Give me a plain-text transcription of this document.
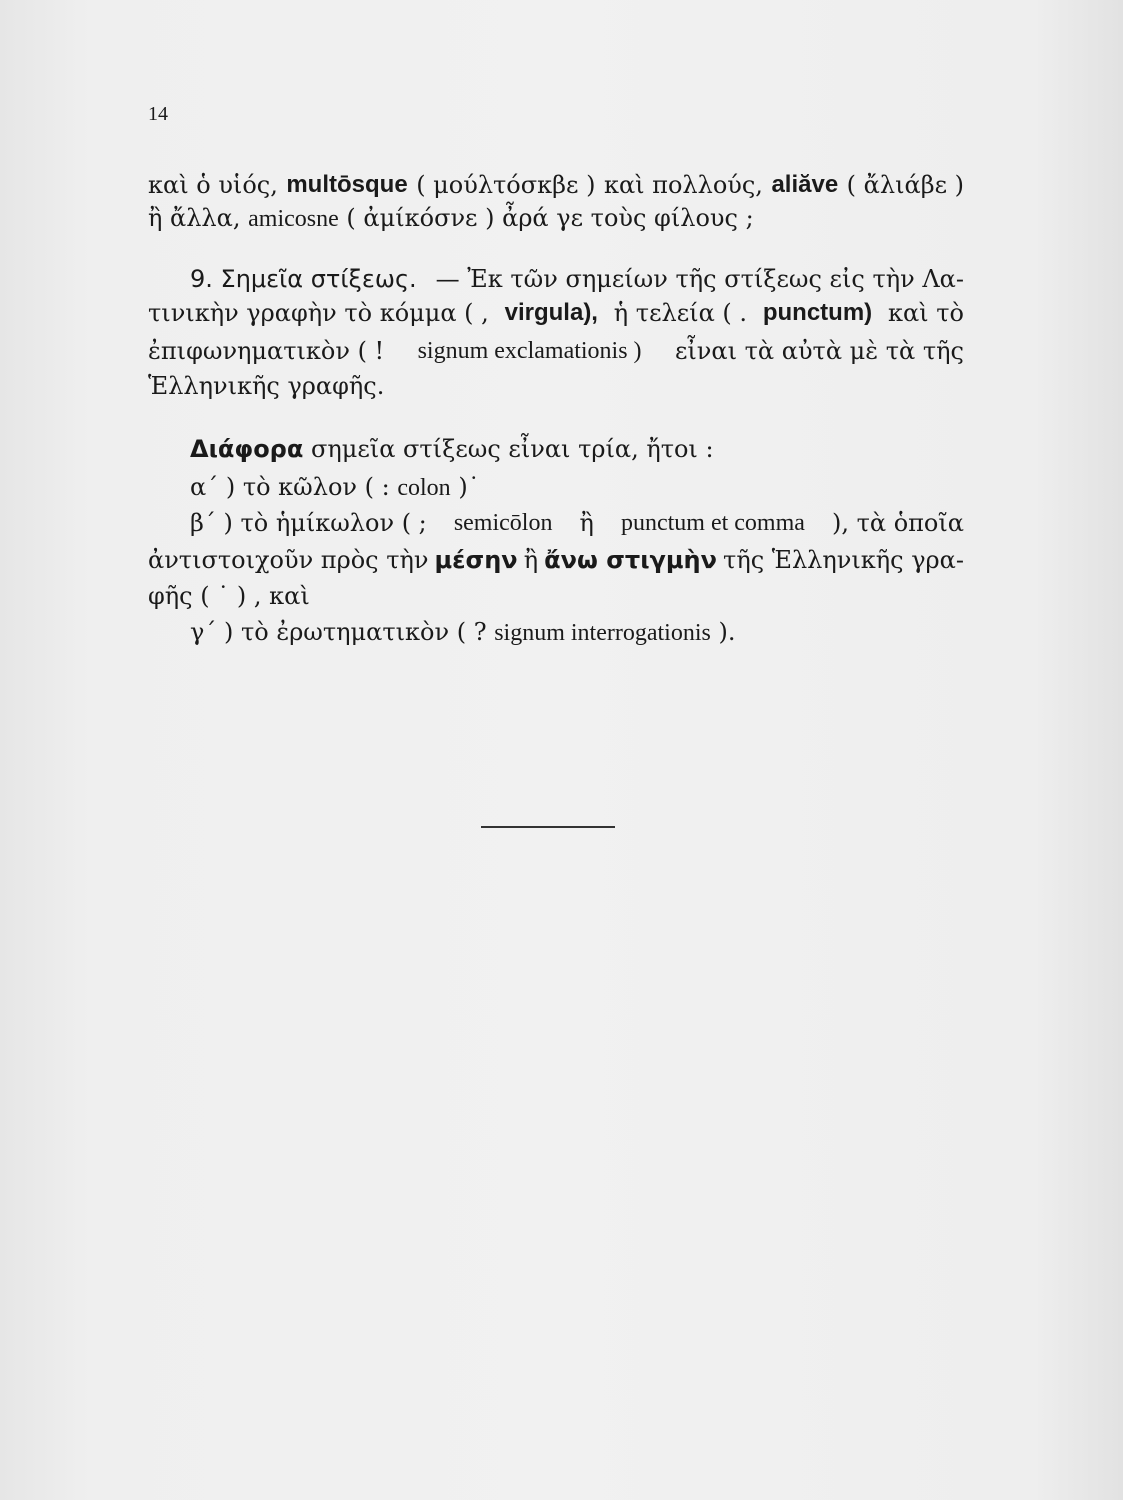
14
καὶ ὁ υἱός, multōsque ( μούλτόσκβε ) καὶ πολλούς, aliăve ( ἄλιάβε )
ἢ ἄλλα, amicosne ( ἀμίκόσνε ) ἆρά γε τοὺς φίλους ;
9. Σημεῖα στίξεως. — Ἐκ τῶν σημείων τῆς στίξεως εἰς τὴν Λα-
τινικὴν γραφὴν τὸ κόμμα ( , virgula), ἡ τελεία ( . punctum) καὶ τὸ
ἐπιφωνηματικὸν ( ! signum exclamationis ) εἶναι τὰ αὐτὰ μὲ τὰ τῆς
Ἑλληνικῆς γραφῆς.
Διάφορα σημεῖα στίξεως εἶναι τρία, ἤτοι :
α΄ ) τὸ κῶλον ( : colon )˙
β΄ ) τὸ ἡμίκωλον ( ; semicōlon ἢ punctum et comma ), τὰ ὁποῖα
ἀντιστοιχοῦν πρὸς τὴν μέσην ἢ ἄνω στιγμὴν τῆς Ἑλληνικῆς γρα-
φῆς ( ˙ ) , καὶ
γ΄ ) τὸ ἐρωτηματικὸν ( ? signum interrogationis ).
